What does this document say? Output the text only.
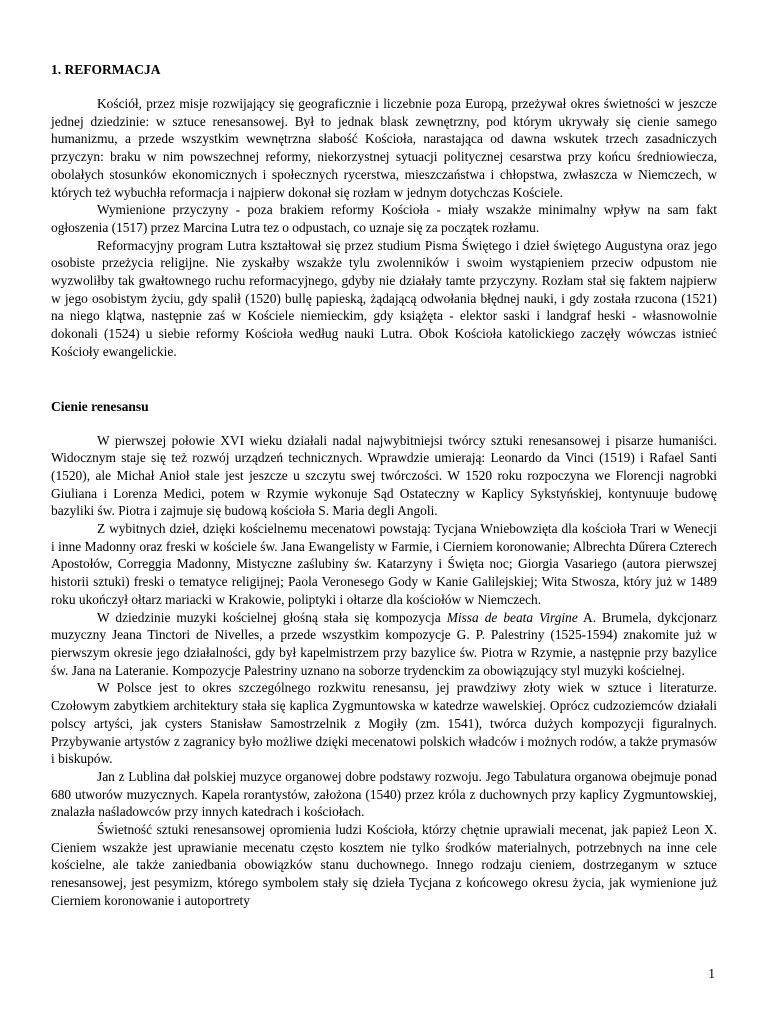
1. REFORMACJA

Kościół, przez misje rozwijający się geograficznie i liczebnie poza Europą, przeżywał okres świetności w jeszcze jednej dziedzinie: w sztuce renesansowej. Był to jednak blask zewnętrzny, pod którym ukrywały się cienie samego humanizmu, a przede wszystkim wewnętrzna słabość Kościoła, narastająca od dawna wskutek trzech zasadniczych przyczyn: braku w nim powszechnej reformy, niekorzystnej sytuacji politycznej cesarstwa przy końcu średniowiecza, obolałych stosunków ekonomicznych i społecznych rycerstwa, mieszczaństwa i chłopstwa, zwłaszcza w Niemczech, w których też wybuchła reformacja i najpierw dokonał się rozłam w jednym dotychczas Kościele.

Wymienione przyczyny - poza brakiem reformy Kościoła - miały wszakże minimalny wpływ na sam fakt ogłoszenia (1517) przez Marcina Lutra tez o odpustach, co uznaje się za początek rozłamu.

Reformacyjny program Lutra kształtował się przez studium Pisma Świętego i dzieł świętego Augustyna oraz jego osobiste przeżycia religijne. Nie zyskałby wszakże tylu zwolenników i swoim wystąpieniem przeciw odpustom nie wyzwoliłby tak gwałtownego ruchu reformacyjnego, gdyby nie działały tamte przyczyny. Rozłam stał się faktem najpierw w jego osobistym życiu, gdy spalił (1520) bullę papieską, żądającą odwołania błędnej nauki, i gdy została rzucona (1521) na niego klątwa, następnie zaś w Kościele niemieckim, gdy książęta - elektor saski i landgraf heski - własnowolnie dokonali (1524) u siebie reformy Kościoła według nauki Lutra. Obok Kościoła katolickiego zaczęły wówczas istnieć Kościoły ewangelickie.

Cienie renesansu

W pierwszej połowie XVI wieku działali nadal najwybitniejsi twórcy sztuki renesansowej i pisarze humaniści. Widocznym staje się też rozwój urządzeń technicznych. Wprawdzie umierają: Leonardo da Vinci (1519) i Rafael Santi (1520), ale Michał Anioł stale jest jeszcze u szczytu swej twórczości. W 1520 roku rozpoczyna we Florencji nagrobki Giuliana i Lorenza Medici, potem w Rzymie wykonuje Sąd Ostateczny w Kaplicy Sykstyńskiej, kontynuuje budowę bazyliki św. Piotra i zajmuje się budową kościoła S. Maria degli Angoli.

Z wybitnych dzieł, dzięki kościelnemu mecenatowi powstają: Tycjana Wniebowzięta dla kościoła Trari w Wenecji i inne Madonny oraz freski w kościele św. Jana Ewangelisty w Farmie, i Cierniem koronowanie; Albrechta Dűrera Czterech Apostołów, Correggia Madonny, Mistyczne zaślubiny św. Katarzyny i Święta noc; Giorgia Vasariego (autora pierwszej historii sztuki) freski o tematyce religijnej; Paola Veronesego Gody w Kanie Galilejskiej; Wita Stwosza, który już w 1489 roku ukończył ołtarz mariacki w Krakowie, poliptyki i ołtarze dla kościołów w Niemczech.

W dziedzinie muzyki kościelnej głośną stała się kompozycja Missa de beata Virgine A. Brumela, dykcjonarz muzyczny Jeana Tinctori de Nivelles, a przede wszystkim kompozycje G. P. Palestriny (1525-1594) znakomite już w pierwszym okresie jego działalności, gdy był kapelmistrzem przy bazylice św. Piotra w Rzymie, a następnie przy bazylice św. Jana na Lateranie. Kompozycje Palestriny uznano na soborze trydenckim za obowiązujący styl muzyki kościelnej.

W Polsce jest to okres szczególnego rozkwitu renesansu, jej prawdziwy złoty wiek w sztuce i literaturze. Czołowym zabytkiem architektury stała się kaplica Zygmuntowska w katedrze wawelskiej. Oprócz cudzoziemców działali polscy artyści, jak cysters Stanisław Samostrzelnik z Mogiły (zm. 1541), twórca dużych kompozycji figuralnych. Przybywanie artystów z zagranicy było możliwe dzięki mecenatowi polskich władców i możnych rodów, a także prymasów i biskupów.

Jan z Lublina dał polskiej muzyce organowej dobre podstawy rozwoju. Jego Tabulatura organowa obejmuje ponad 680 utworów muzycznych. Kapela rorantystów, założona (1540) przez króla z duchownych przy kaplicy Zygmuntowskiej, znalazła naśladowców przy innych katedrach i kościołach.

Świetność sztuki renesansowej opromienia ludzi Kościoła, którzy chętnie uprawiali mecenat, jak papież Leon X. Cieniem wszakże jest uprawianie mecenatu często kosztem nie tylko środków materialnych, potrzebnych na inne cele kościelne, ale także zaniedbania obowiązków stanu duchownego. Innego rodzaju cieniem, dostrzeganym w sztuce renesansowej, jest pesymizm, którego symbolem stały się dzieła Tycjana z końcowego okresu życia, jak wymienione już Cierniem koronowanie i autoportrety

1
